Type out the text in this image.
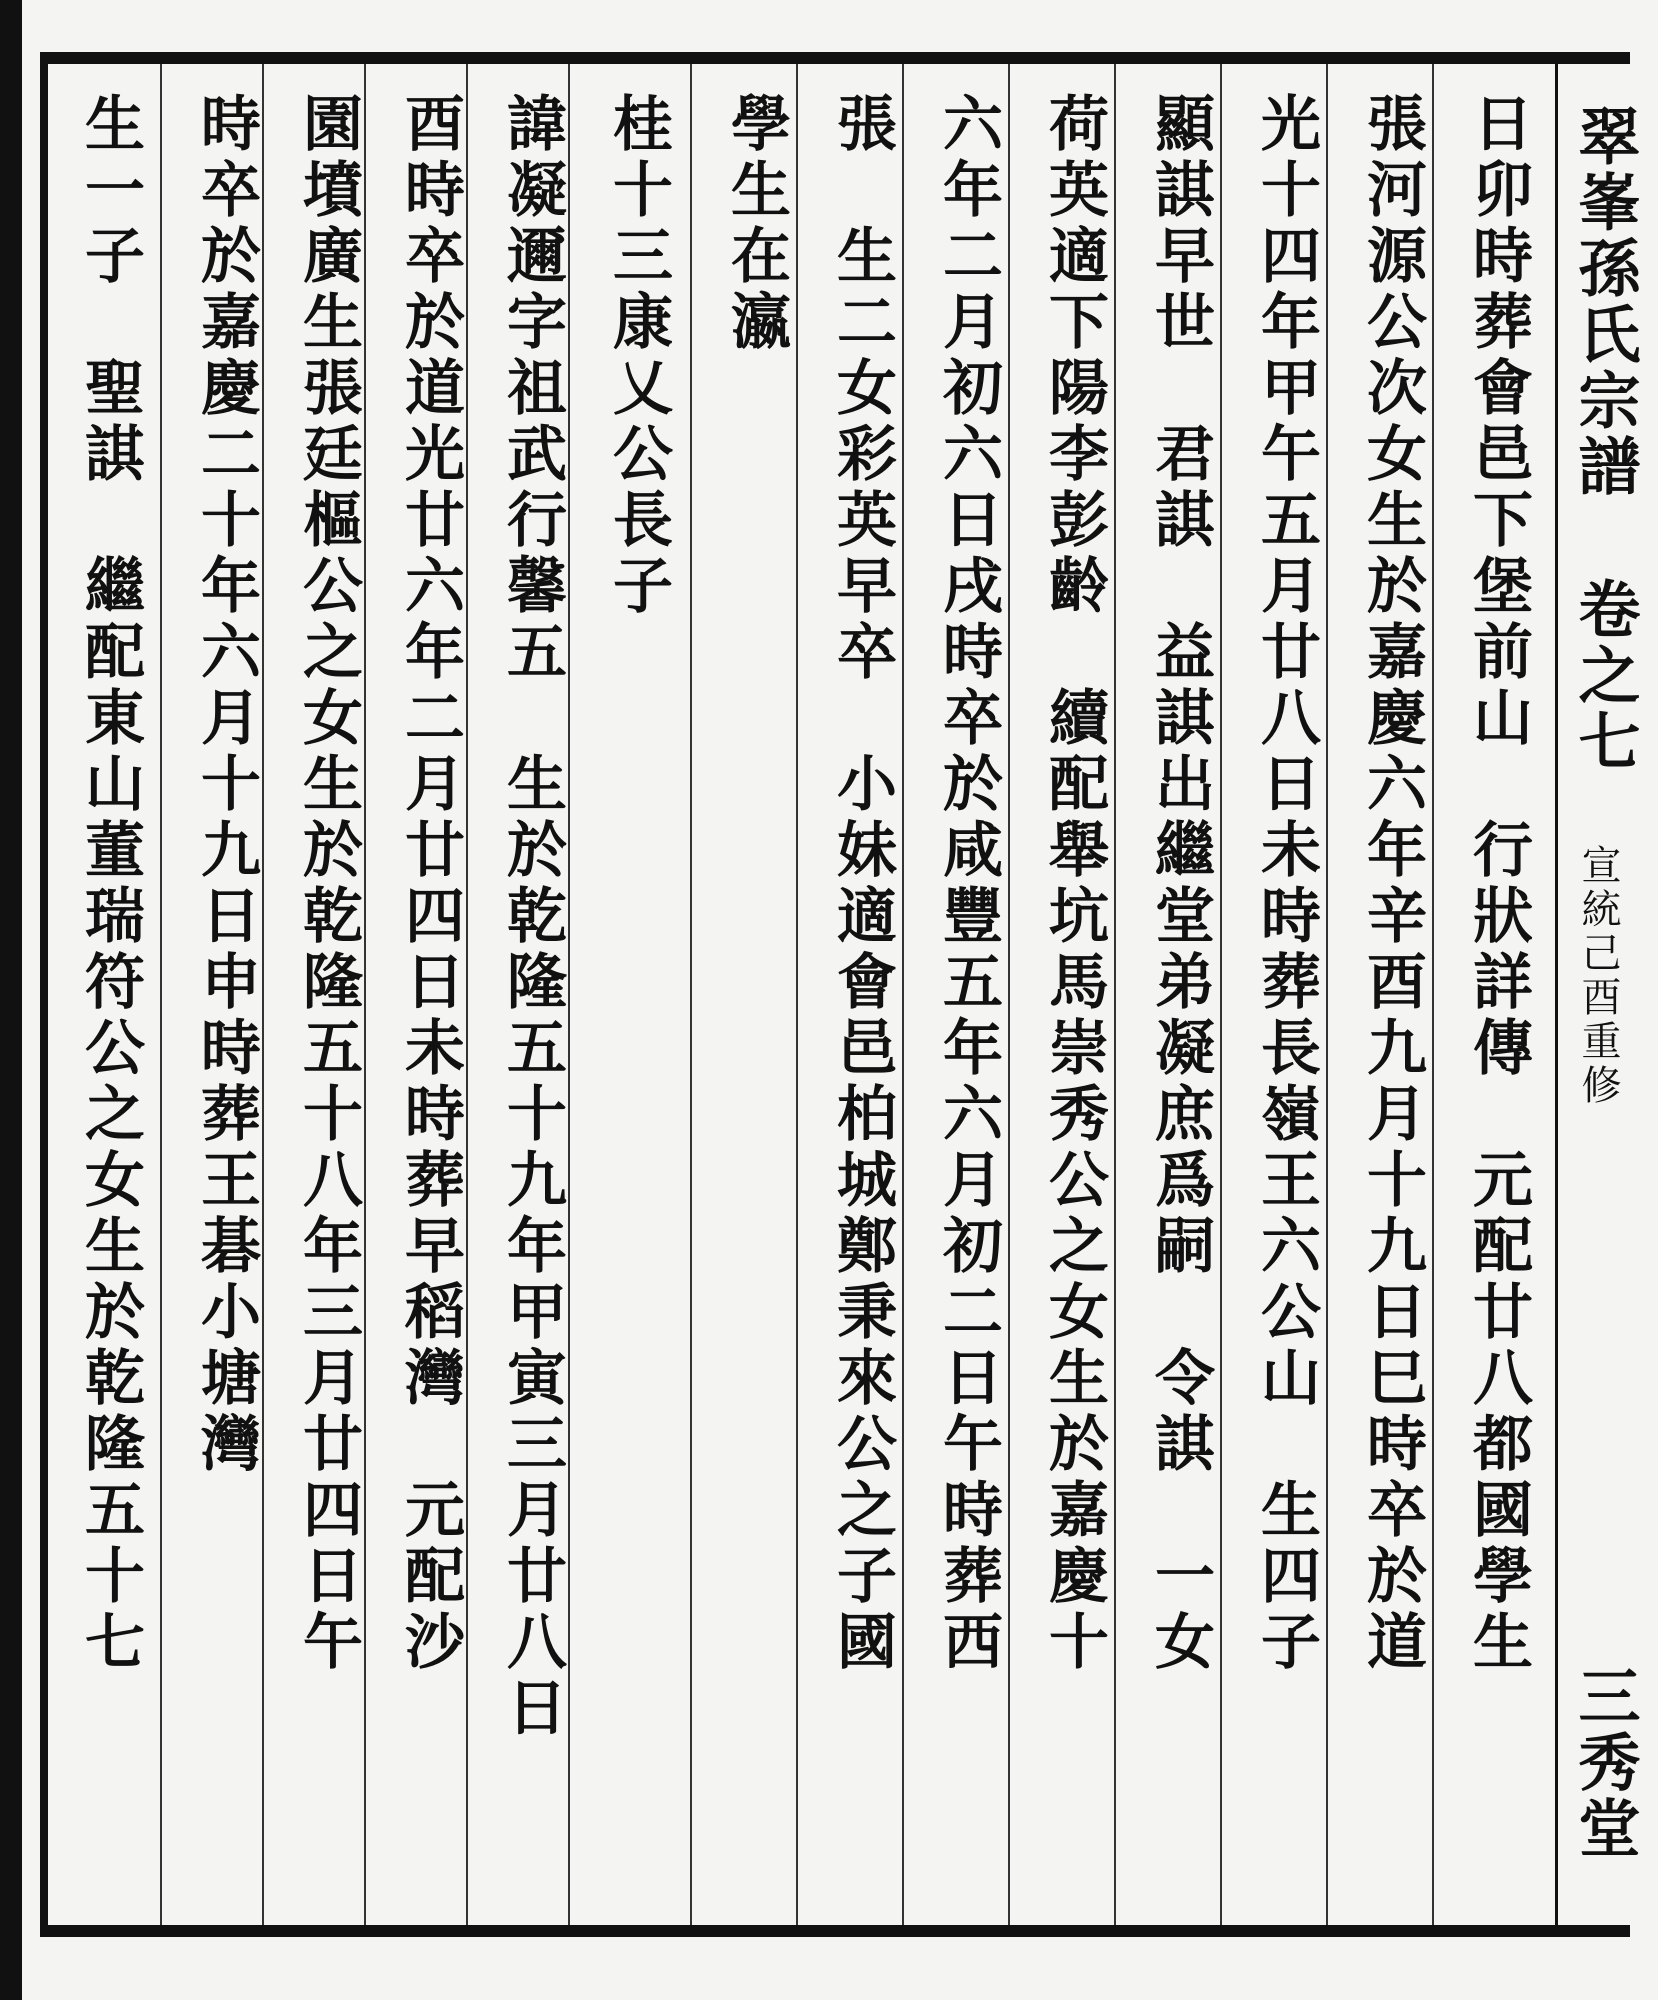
翠峯孫氏宗譜 卷之七
宣統己酉重修
三秀堂
日卯時葬會邑下堡前山　行狀詳傳　元配廿八都國學生
張河源公次女生於嘉慶六年辛酉九月十九日巳時卒於道
光十四年甲午五月廿八日未時葬長嶺王六公山　生四子
顯諆早世　君諆　益諆出繼堂弟凝庶爲嗣　令諆　一女
荷英適下陽李彭齡　續配舉坑馬崇秀公之女生於嘉慶十
六年二月初六日戌時卒於咸豐五年六月初二日午時葬西
張　生二女彩英早卒　小妹適會邑柏城鄭秉來公之子國
學生在瀛
桂十三康乂公長子
諱凝邇字祖武行馨五　生於乾隆五十九年甲寅三月廿八日
酉時卒於道光廿六年二月廿四日未時葬早稻灣　元配沙
園墳廣生張廷樞公之女生於乾隆五十八年三月廿四日午
時卒於嘉慶二十年六月十九日申時葬王碁小塘灣
生一子　聖諆　繼配東山董瑞符公之女生於乾隆五十七
